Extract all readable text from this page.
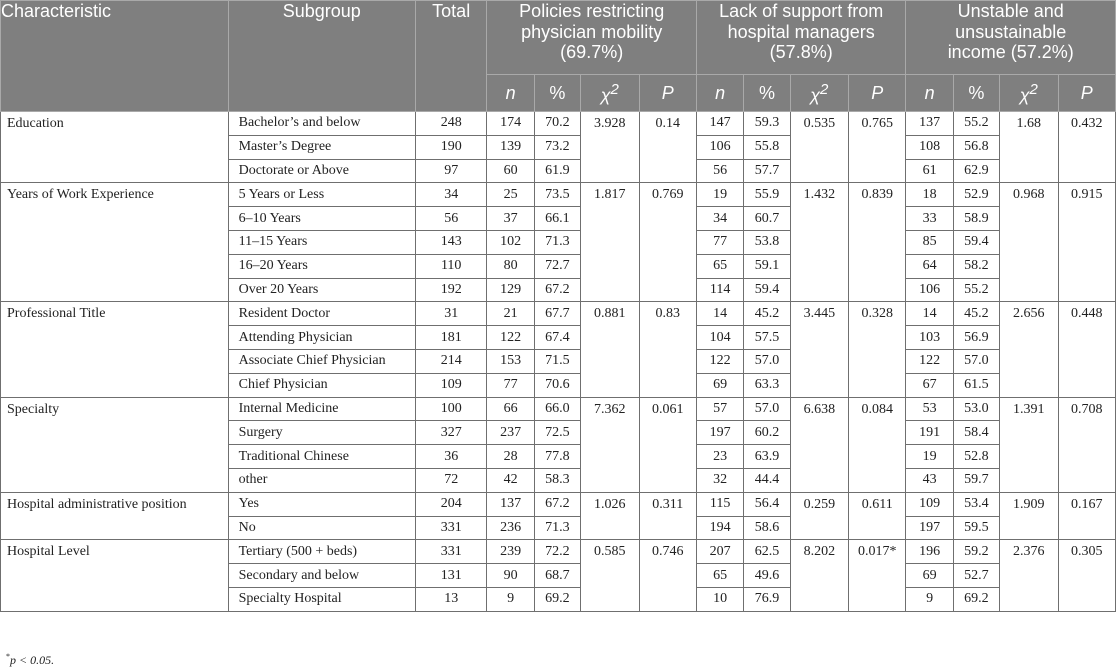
Characteristic	Subgroup	Total	Policies restricting
physician mobility
(69.7%)				Lack of support from
hospital managers
(57.8%)				Unstable and
unsustainable
income (57.2%)			
			n	%	$\chi^2$	P	n	%	$\chi^2$	P	n	%	$\chi^2$	P
Education	Bachelor’s and below	248	174	70.2	3.928	0.14	147	59.3	0.535	0.765	137	55.2	1.68	0.432
	Master’s Degree	190	139	73.2			106	55.8			108	56.8		
	Doctorate or Above	97	60	61.9			56	57.7			61	62.9		
Years of Work Experience	5 Years or Less	34	25	73.5	1.817	0.769	19	55.9	1.432	0.839	18	52.9	0.968	0.915
	6–10 Years	56	37	66.1			34	60.7			33	58.9		
	11–15 Years	143	102	71.3			77	53.8			85	59.4		
	16–20 Years	110	80	72.7			65	59.1			64	58.2		
	Over 20 Years	192	129	67.2			114	59.4			106	55.2		
Professional Title	Resident Doctor	31	21	67.7	0.881	0.83	14	45.2	3.445	0.328	14	45.2	2.656	0.448
	Attending Physician	181	122	67.4			104	57.5			103	56.9		
	Associate Chief Physician	214	153	71.5			122	57.0			122	57.0		
	Chief Physician	109	77	70.6			69	63.3			67	61.5		
Specialty	Internal Medicine	100	66	66.0	7.362	0.061	57	57.0	6.638	0.084	53	53.0	1.391	0.708
	Surgery	327	237	72.5			197	60.2			191	58.4		
	Traditional Chinese	36	28	77.8			23	63.9			19	52.8		
	other	72	42	58.3			32	44.4			43	59.7		
Hospital administrative position	Yes	204	137	67.2	1.026	0.311	115	56.4	0.259	0.611	109	53.4	1.909	0.167
	No	331	236	71.3			194	58.6			197	59.5		
Hospital Level	Tertiary (500 + beds)	331	239	72.2	0.585	0.746	207	62.5	8.202	0.017*	196	59.2	2.376	0.305
	Secondary and below	131	90	68.7			65	49.6			69	52.7		
	Specialty Hospital	13	9	69.2			10	76.9			9	69.2		
*p < 0.05.
